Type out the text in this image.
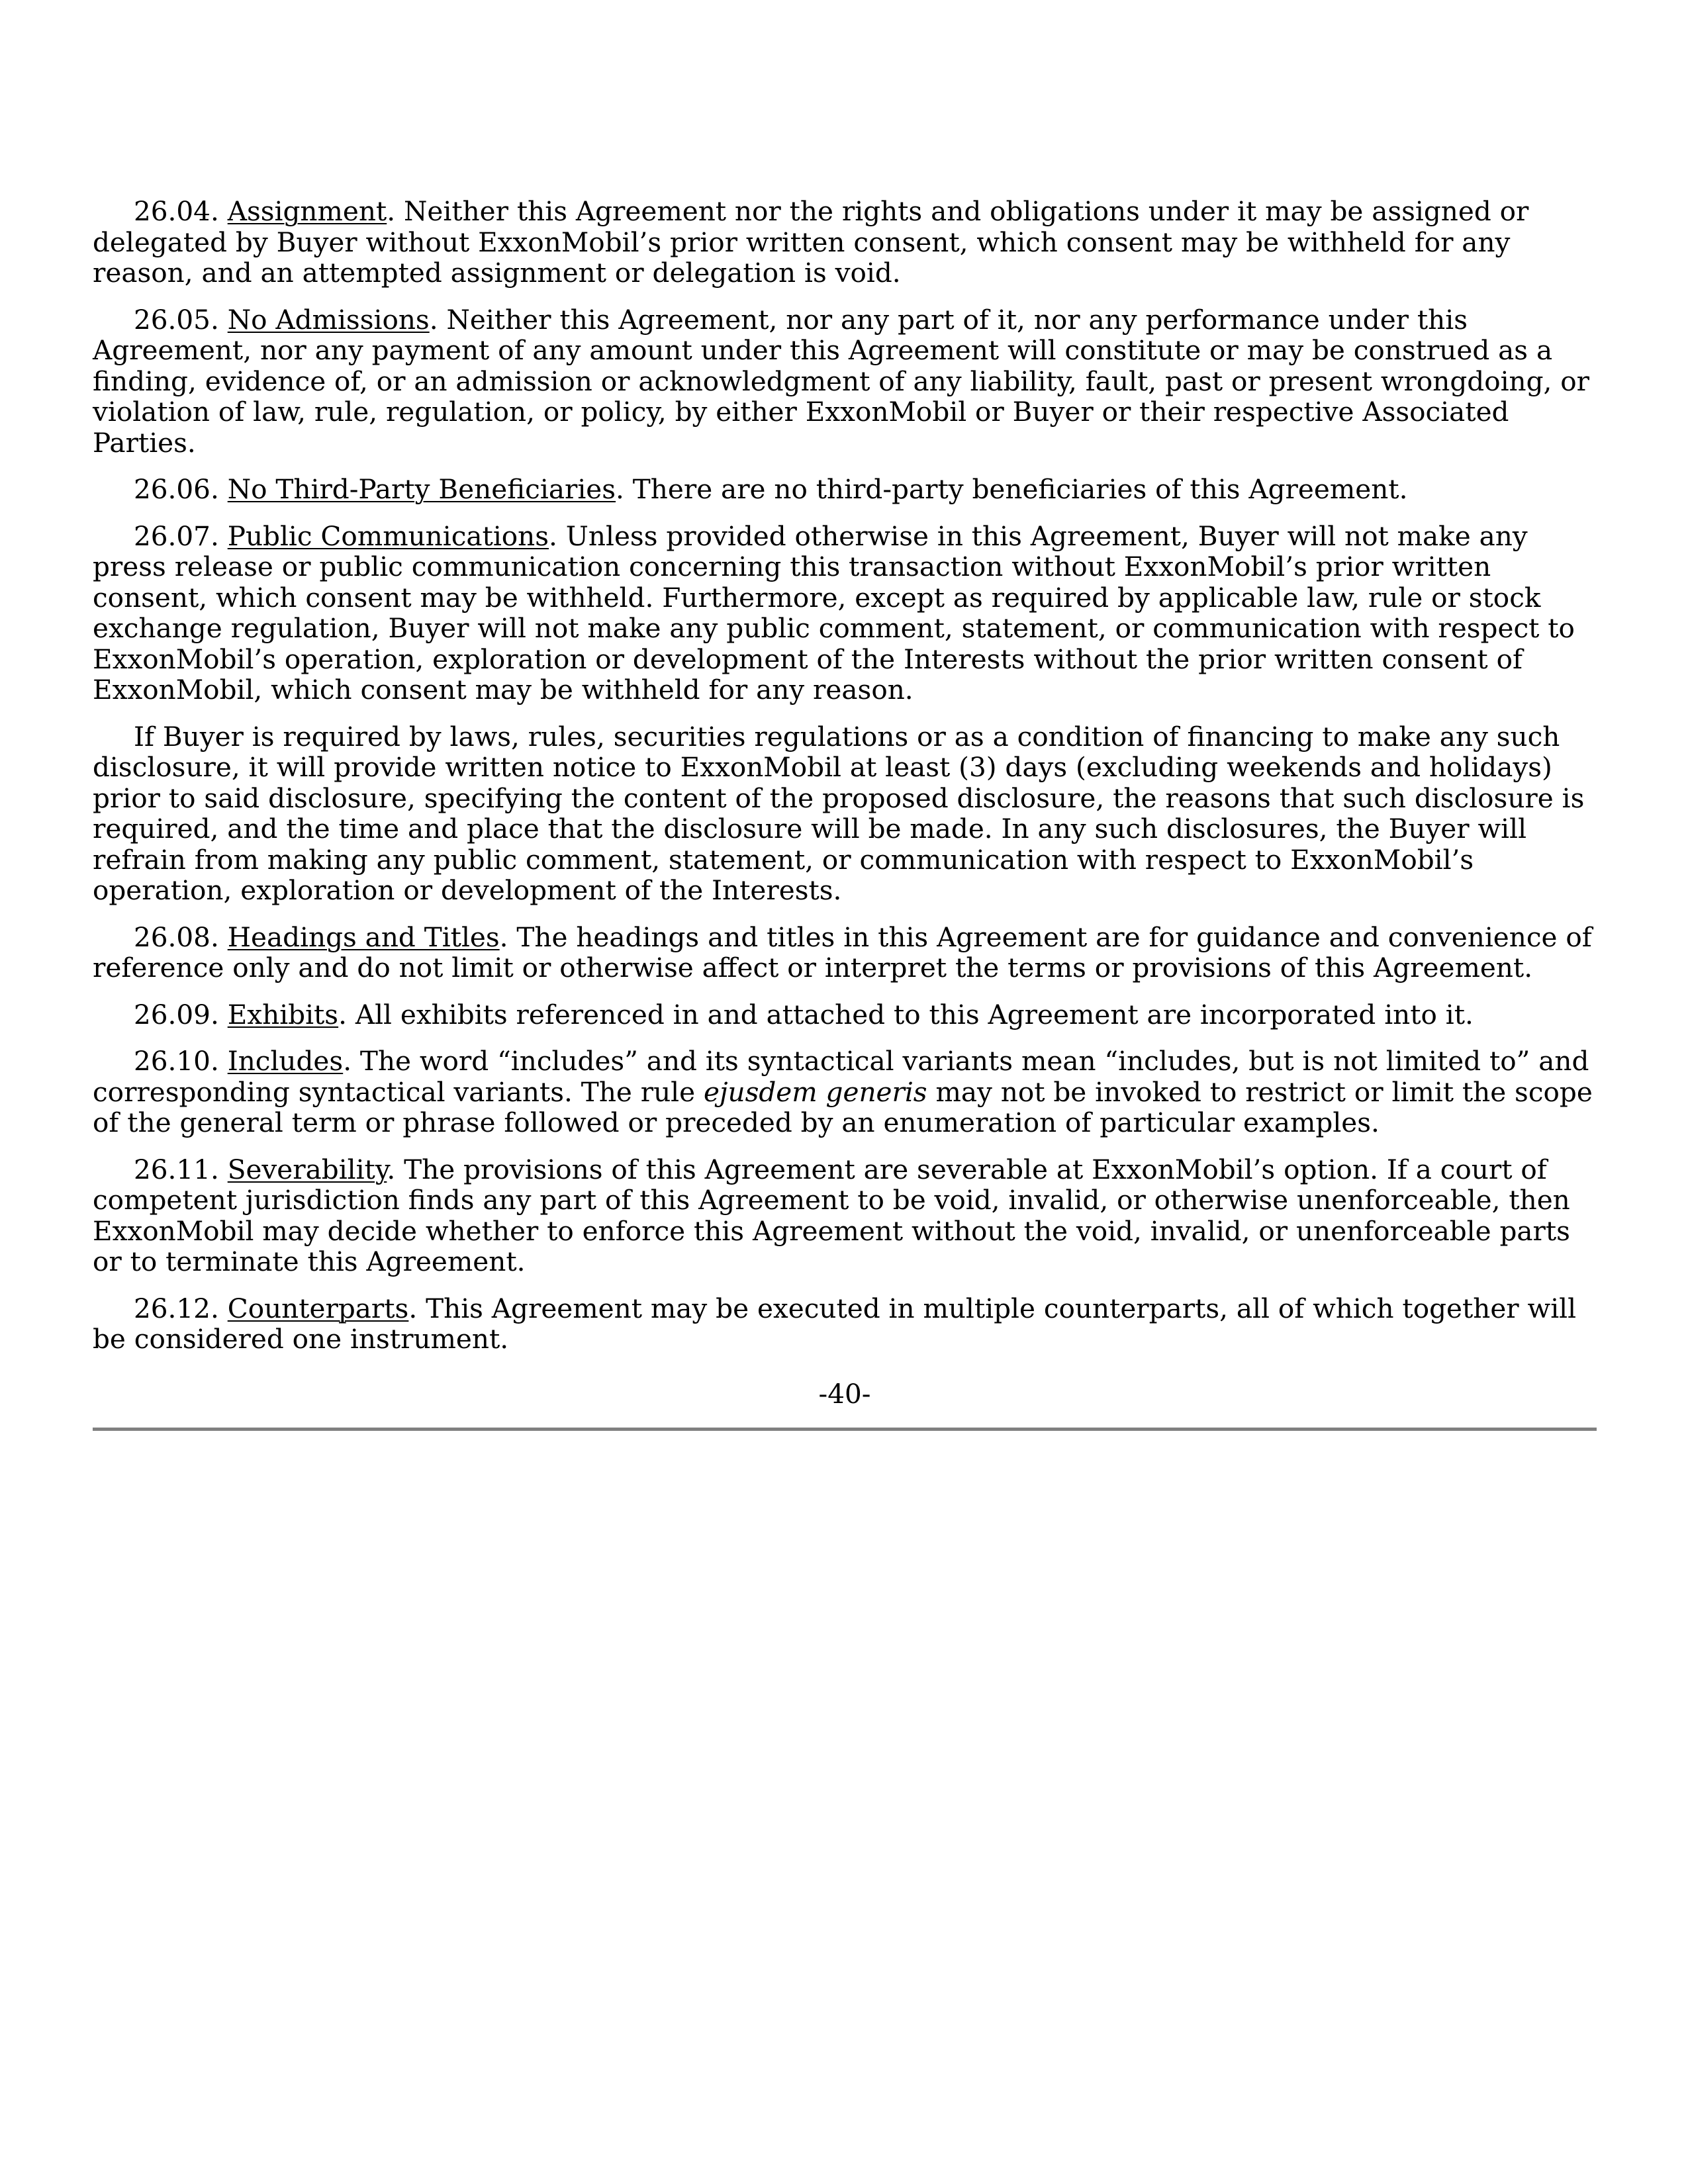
26.04. Assignment. Neither this Agreement nor the rights and obligations under it may be assigned or delegated by Buyer without ExxonMobil’s prior written consent, which consent may be withheld for any reason, and an attempted assignment or delegation is void.

26.05. No Admissions. Neither this Agreement, nor any part of it, nor any performance under this Agreement, nor any payment of any amount under this Agreement will constitute or may be construed as a finding, evidence of, or an admission or acknowledgment of any liability, fault, past or present wrongdoing, or violation of law, rule, regulation, or policy, by either ExxonMobil or Buyer or their respective Associated Parties.

26.06. No Third-Party Beneficiaries. There are no third-party beneficiaries of this Agreement.

26.07. Public Communications. Unless provided otherwise in this Agreement, Buyer will not make any press release or public communication concerning this transaction without ExxonMobil’s prior written consent, which consent may be withheld. Furthermore, except as required by applicable law, rule or stock exchange regulation, Buyer will not make any public comment, statement, or communication with respect to ExxonMobil’s operation, exploration or development of the Interests without the prior written consent of ExxonMobil, which consent may be withheld for any reason.

If Buyer is required by laws, rules, securities regulations or as a condition of financing to make any such disclosure, it will provide written notice to ExxonMobil at least (3) days (excluding weekends and holidays) prior to said disclosure, specifying the content of the proposed disclosure, the reasons that such disclosure is required, and the time and place that the disclosure will be made. In any such disclosures, the Buyer will refrain from making any public comment, statement, or communication with respect to ExxonMobil’s operation, exploration or development of the Interests.

26.08. Headings and Titles. The headings and titles in this Agreement are for guidance and convenience of reference only and do not limit or otherwise affect or interpret the terms or provisions of this Agreement.

26.09. Exhibits. All exhibits referenced in and attached to this Agreement are incorporated into it.

26.10. Includes. The word “includes” and its syntactical variants mean “includes, but is not limited to” and corresponding syntactical variants. The rule ejusdem generis may not be invoked to restrict or limit the scope of the general term or phrase followed or preceded by an enumeration of particular examples.

26.11. Severability. The provisions of this Agreement are severable at ExxonMobil’s option. If a court of competent jurisdiction finds any part of this Agreement to be void, invalid, or otherwise unenforceable, then ExxonMobil may decide whether to enforce this Agreement without the void, invalid, or unenforceable parts or to terminate this Agreement.

26.12. Counterparts. This Agreement may be executed in multiple counterparts, all of which together will be considered one instrument.

-40-
